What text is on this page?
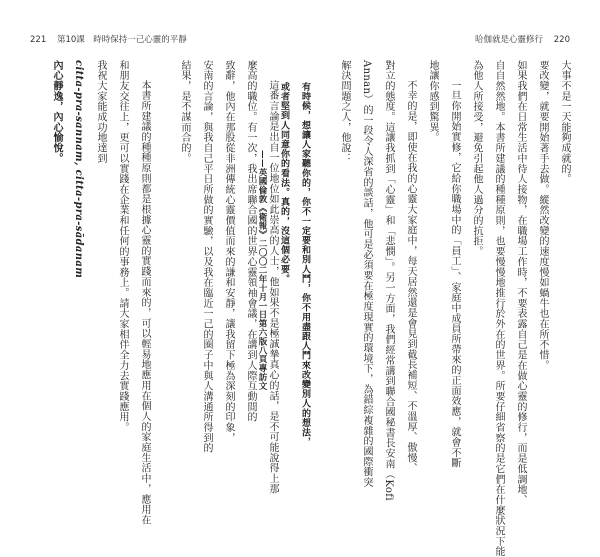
221 第10課　時時保持一己心靈的平靜	哈伽就是心靈修行 220
大事不是一天能夠成就的。
要改變，就要開始著手去做。縱然改變的速度慢如蝸牛也在所不惜。
如果我們在日常生活中待人接物，在職場工作時，不要表露自己是在做心靈的修行，而是低調地、
自自然然地。本書所建議的種種原則，也要慢慢地推行於外在的世界。所要仔細省察的是它們在什麼狀況下能
為他人所接受，避免引起他人過分的抗拒。
一旦你開始實修，它給你職場中的「員工」、家庭中成員所帶來的正面效應，就會不斷
地讓你感到驚異。
不幸的是，即使在我的心靈大家庭中，每天居然還是會見到截長補短、不溫厚、傲慢、
對立的態度。這讓我抓到「心靈」和「悲憫」。另一方面，我們經常講到聯合國秘書長安南（Kofi
Annan）的一段令人深省的談話，他可是必須要在極度現實的環境下，為錯綜複雜的國際衝突
解決問題之人，他說：
有時候，想讓人家聽你的，你不一定要和別人鬥，你不用盡跟人鬥來改變別人的想法，
或者堅到人同意你的看法。真的，沒這個必要。
——英國倫敦《衛報》二〇〇二年十月一日第六版八頁專訪文 這番言論是出自一位地位如此崇高的人士，他如果不是極誠摯真心的話，是不可能說得上那
麼高的職位。有一次，我出席聯合國的世界心靈領袖會議，在講到人際互動間的
致辭，他內在那股從非洲傳統心靈價值而來的謙和安靜，讓我留下極為深刻的印象，
安南的言論，與我自己平日所做的實驗，以及我在臨近一己的圈子中與人溝通所得到的
結果，是不謀而合的。
本書所建議的種種原則都是根據心靈的實踐而來的，可以輕易地應用在個人的家庭生活中，應用在
和朋友交往上，更可以實踐在企業和任何的事務上。請大家相伴全力去實踐應用。
我祝大家能成功地達到
citta-pra-sannam, citta-pra-sādanam
內心靜逸，內心愉悅。
